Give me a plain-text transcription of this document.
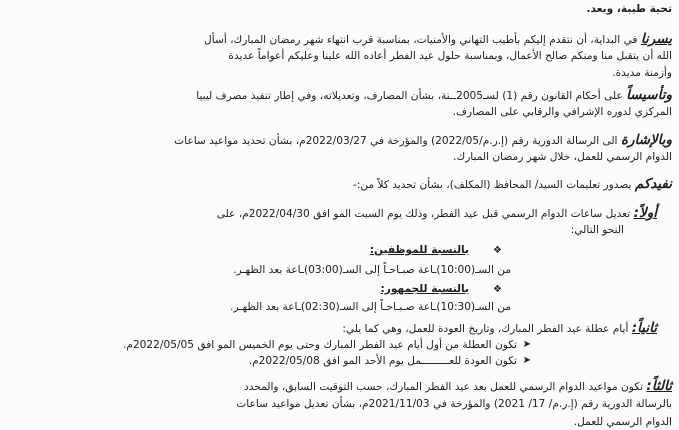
تحية طيبة، وبعد.
يسرنا في البداية، أن نتقدم إليكم بأطيب التهاني والأمنيات، بمناسبة قرب انتهاء شهر رمضان المبارك، أسأل
الله أن يتقبل منا ومنكم صالح الأعمال، وبمناسبة حلول عيد الفطر أعاده الله علينا وعليكم أعواماً عديدة
وأزمنة مديدة.
وتأسيساً على أحكام القانون رقم (1) لسـ2005ــنة، بشأن المصارف، وتعديلاته، وفي إطار تنفيذ مصرف ليبيا
المركزي لدوره الإشرافي والرقابي على المصارف.
وبالإشارة الى الرسالة الدورية رقم (إ.ر.م/2022/05) والمؤرخة في 2022/03/27م، بشأن تحديد مواعيد ساعات
الدوام الرسمي للعمل، خلال شهر رمضان المبارك.
نفيدكم بصدور تعليمات السيد/ المحافظ (المكلف)، بشأن تحديد كلاً من:-
أولاً: تعديل ساعات الدوام الرسمي قبل عيد الفطر، وذلك يوم السبت المو افق 2022/04/30م، على
النحو التالي:
❖
بالنسبة للموظفين:
من السـ(10:00)ـاعة صبـاحـاً إلى السـ(03:00)ـاعة بعد الظهـر.
❖
بالنسبة للجمهور:
من السـ(10:30)ـاعة صـبـاحـاً إلى السـ(02:30)ـاعة بعد الظهـر.
ثانياً: أيام عطلة عيد الفطر المبارك، وتاريخ العودة للعمل، وهي كما يلي:
➤
تكون العطلة من أول أيام عيد الفطر المبارك وحتى يوم الخميس المو افق 2022/05/05م.
➤
تكون العودة للعـــــــــمل يوم الأحد المو افق 2022/05/08م.
ثالثاً: تكون مواعيد الدوام الرسمي للعمل بعد عيد الفطر المبارك، حسب التوقيت السابق، والمحدد
بالرسالة الدورية رقم (إ.ر.م/ 17/ 2021) والمؤرخة في 2021/11/03م، بشأن تعديل مواعيد ساعات
الدوام الرسمي للعمل.
